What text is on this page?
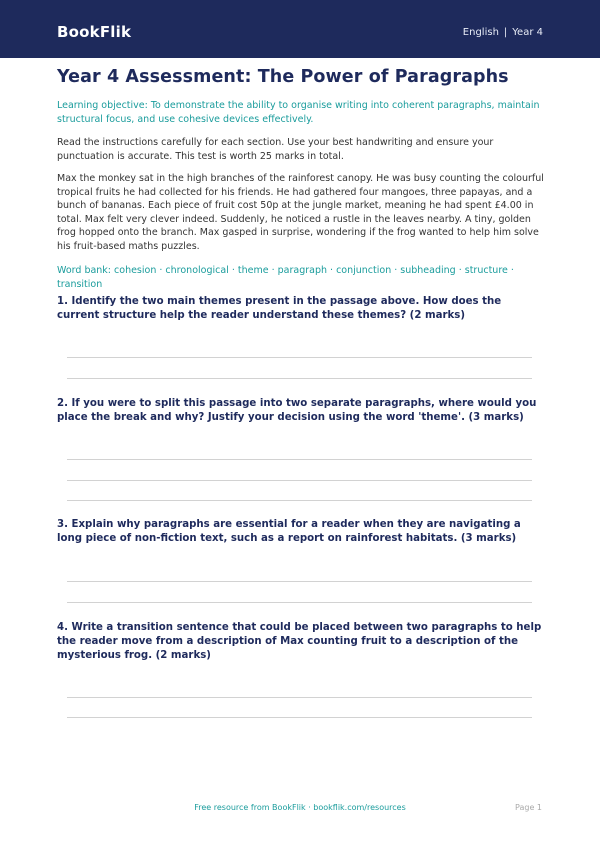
BookFlik	English | Year 4
Year 4 Assessment: The Power of Paragraphs
Learning objective: To demonstrate the ability to organise writing into coherent paragraphs, maintain structural focus, and use cohesive devices effectively.
Read the instructions carefully for each section. Use your best handwriting and ensure your punctuation is accurate. This test is worth 25 marks in total.
Max the monkey sat in the high branches of the rainforest canopy. He was busy counting the colourful tropical fruits he had collected for his friends. He had gathered four mangoes, three papayas, and a bunch of bananas. Each piece of fruit cost 50p at the jungle market, meaning he had spent £4.00 in total. Max felt very clever indeed. Suddenly, he noticed a rustle in the leaves nearby. A tiny, golden frog hopped onto the branch. Max gasped in surprise, wondering if the frog wanted to help him solve his fruit-based maths puzzles.
Word bank: cohesion · chronological · theme · paragraph · conjunction · subheading · structure · transition
1. Identify the two main themes present in the passage above. How does the current structure help the reader understand these themes? (2 marks)
2. If you were to split this passage into two separate paragraphs, where would you place the break and why? Justify your decision using the word 'theme'. (3 marks)
3. Explain why paragraphs are essential for a reader when they are navigating a long piece of non-fiction text, such as a report on rainforest habitats. (3 marks)
4. Write a transition sentence that could be placed between two paragraphs to help the reader move from a description of Max counting fruit to a description of the mysterious frog. (2 marks)
Free resource from BookFlik · bookflik.com/resources	Page 1
